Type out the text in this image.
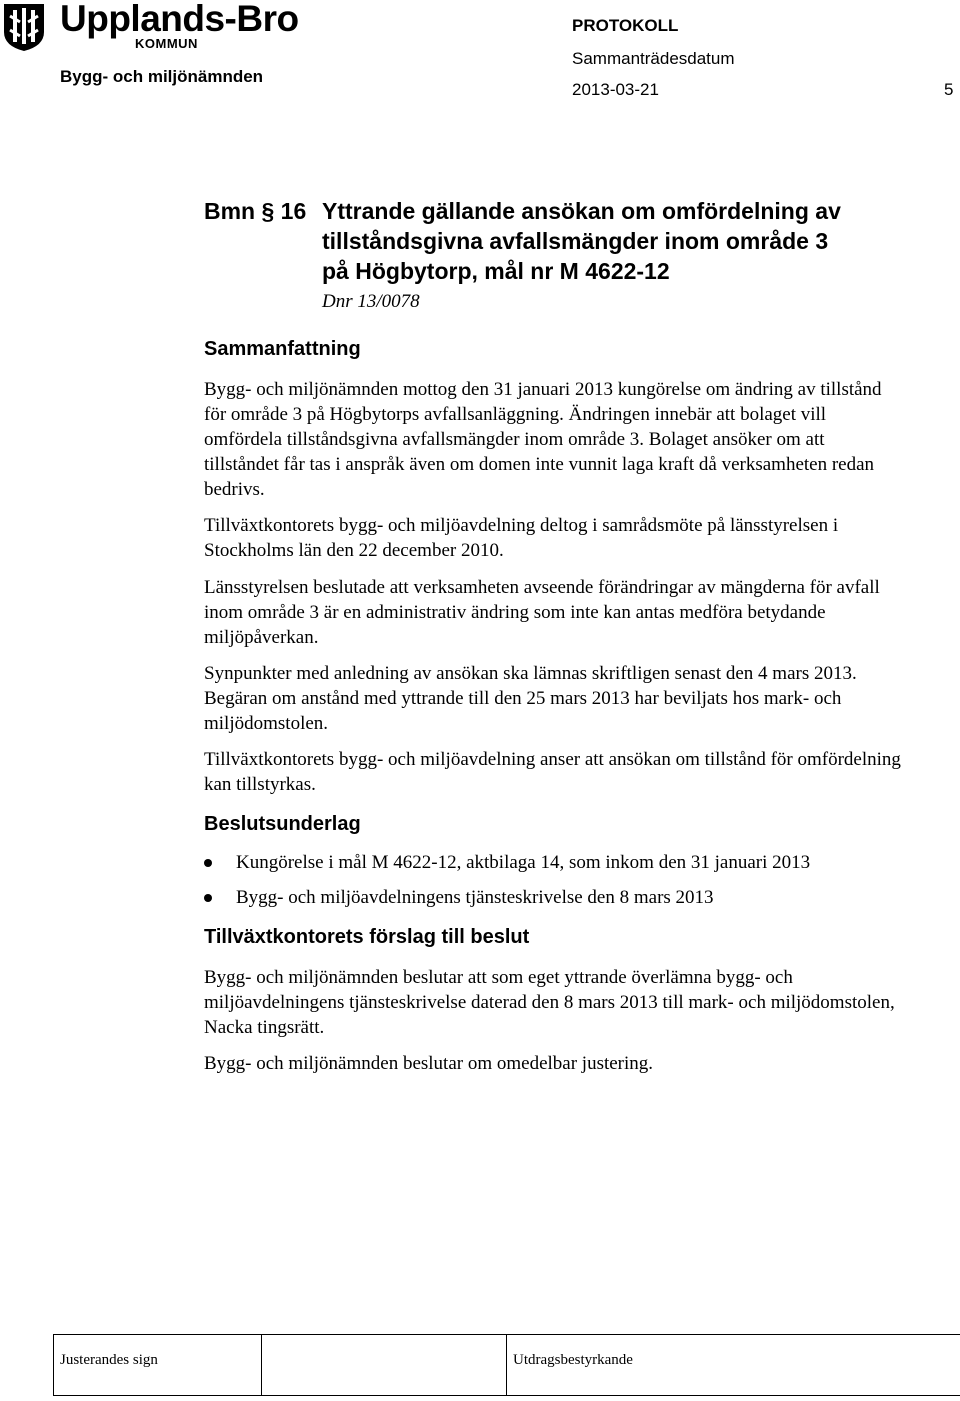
Upplands-Bro
KOMMUN
Bygg- och miljönämnden
PROTOKOLL
Sammanträdesdatum
2013-03-21	5
Bmn § 16 Yttrande gällande ansökan om omfördelning av
tillståndsgivna avfallsmängder inom område 3
på Högbytorp, mål nr M 4622-12
Dnr 13/0078
Sammanfattning
Bygg- och miljönämnden mottog den 31 januari 2013 kungörelse om ändring av tillstånd för område 3 på Högbytorps avfallsanläggning. Ändringen innebär att bolaget vill omfördela tillståndsgivna avfallsmängder inom område 3. Bolaget ansöker om att tillståndet får tas i anspråk även om domen inte vunnit laga kraft då verksamheten redan bedrivs.
Tillväxtkontorets bygg- och miljöavdelning deltog i samrådsmöte på länsstyrelsen i Stockholms län den 22 december 2010.
Länsstyrelsen beslutade att verksamheten avseende förändringar av mängderna för avfall inom område 3 är en administrativ ändring som inte kan antas medföra betydande miljöpåverkan.
Synpunkter med anledning av ansökan ska lämnas skriftligen senast den 4 mars 2013. Begäran om anstånd med yttrande till den 25 mars 2013 har beviljats hos mark- och miljödomstolen.
Tillväxtkontorets bygg- och miljöavdelning anser att ansökan om tillstånd för omfördelning kan tillstyrkas.
Beslutsunderlag
Kungörelse i mål M 4622-12, aktbilaga 14, som inkom den 31 januari 2013
Bygg- och miljöavdelningens tjänsteskrivelse den 8 mars 2013
Tillväxtkontorets förslag till beslut
Bygg- och miljönämnden beslutar att som eget yttrande överlämna bygg- och miljöavdelningens tjänsteskrivelse daterad den 8 mars 2013 till mark- och miljödomstolen, Nacka tingsrätt.
Bygg- och miljönämnden beslutar om omedelbar justering.
Justerandes sign	Utdragsbestyrkande
